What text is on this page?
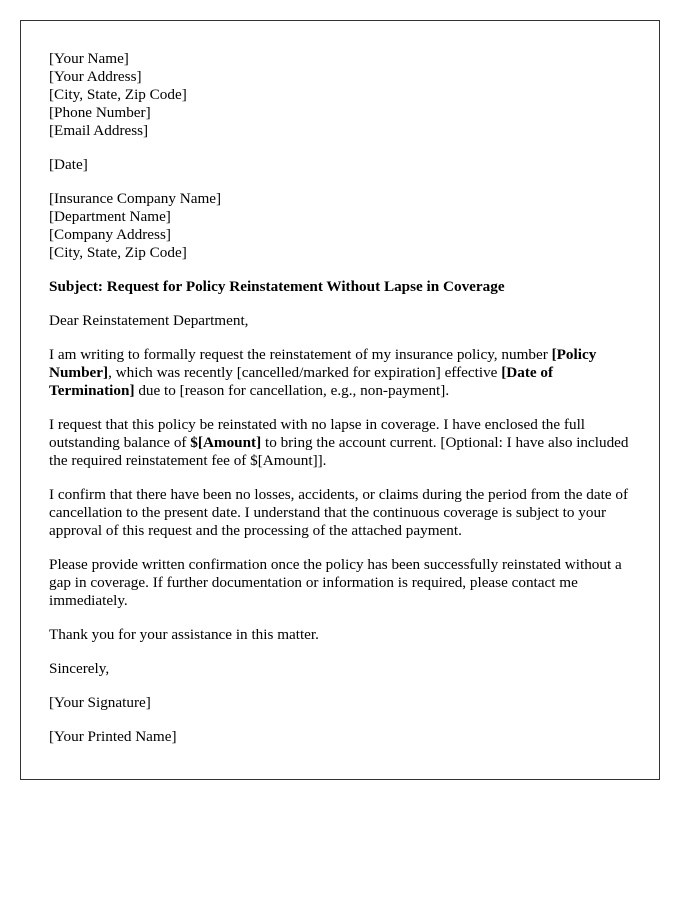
[Your Name]
[Your Address]
[City, State, Zip Code]
[Phone Number]
[Email Address]

[Date]

[Insurance Company Name]
[Department Name]
[Company Address]
[City, State, Zip Code]

Subject: Request for Policy Reinstatement Without Lapse in Coverage

Dear Reinstatement Department,

I am writing to formally request the reinstatement of my insurance policy, number [Policy Number], which was recently [cancelled/marked for expiration] effective [Date of Termination] due to [reason for cancellation, e.g., non-payment].

I request that this policy be reinstated with no lapse in coverage. I have enclosed the full outstanding balance of $[Amount] to bring the account current. [Optional: I have also included the required reinstatement fee of $[Amount]].

I confirm that there have been no losses, accidents, or claims during the period from the date of cancellation to the present date. I understand that the continuous coverage is subject to your approval of this request and the processing of the attached payment.

Please provide written confirmation once the policy has been successfully reinstated without a gap in coverage. If further documentation or information is required, please contact me immediately.

Thank you for your assistance in this matter.

Sincerely,

[Your Signature]

[Your Printed Name]
